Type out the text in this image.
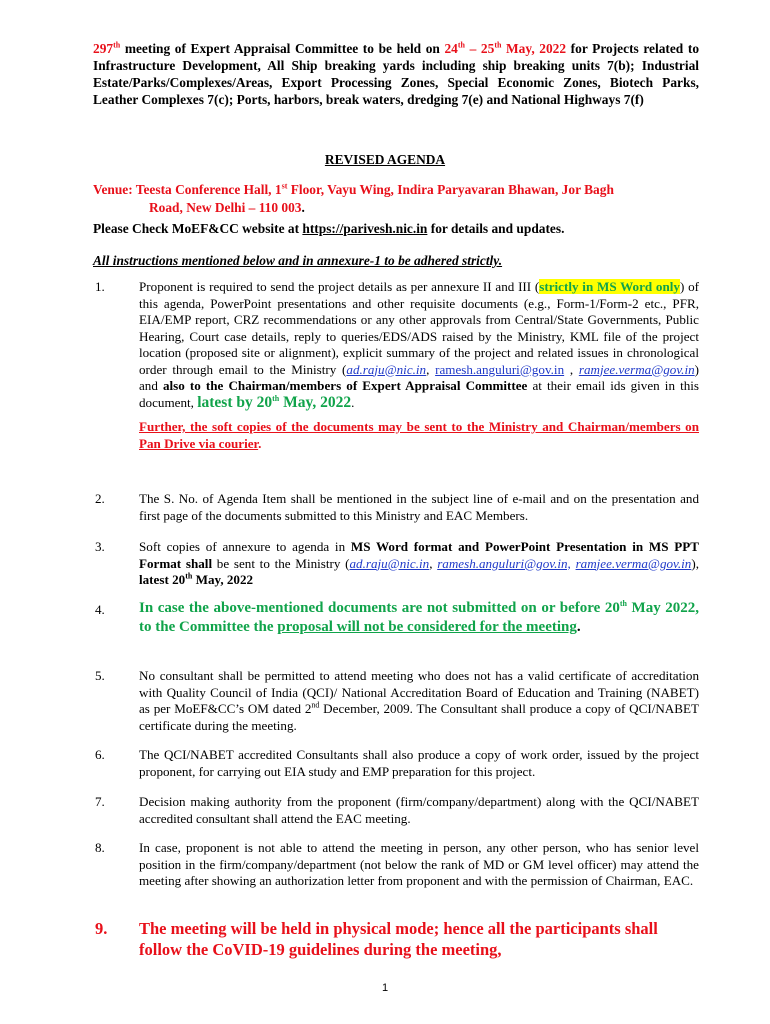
297th meeting of Expert Appraisal Committee to be held on 24th – 25th May, 2022 for Projects related to Infrastructure Development, All Ship breaking yards including ship breaking units 7(b); Industrial Estate/Parks/Complexes/Areas, Export Processing Zones, Special Economic Zones, Biotech Parks, Leather Complexes 7(c); Ports, harbors, break waters, dredging 7(e) and National Highways 7(f)
REVISED AGENDA
Venue: Teesta Conference Hall, 1st Floor, Vayu Wing, Indira Paryavaran Bhawan, Jor Bagh
Road, New Delhi – 110 003.
Please Check MoEF&CC website at https://parivesh.nic.in for details and updates.
All instructions mentioned below and in annexure-1 to be adhered strictly.
1.	Proponent is required to send the project details as per annexure II and III (strictly in MS Word only) of this agenda, PowerPoint presentations and other requisite documents (e.g., Form-1/Form-2 etc., PFR, EIA/EMP report, CRZ recommendations or any other approvals from Central/State Governments, Public Hearing, Court case details, reply to queries/EDS/ADS raised by the Ministry, KML file of the project location (proposed site or alignment), explicit summary of the project and related issues in chronological order through email to the Ministry (ad.raju@nic.in, ramesh.anguluri@gov.in , ramjee.verma@gov.in) and also to the Chairman/members of Expert Appraisal Committee at their email ids given in this document, latest by 20th May, 2022.
Further, the soft copies of the documents may be sent to the Ministry and Chairman/members on Pan Drive via courier.
2.	The S. No. of Agenda Item shall be mentioned in the subject line of e-mail and on the presentation and first page of the documents submitted to this Ministry and EAC Members.
3.	Soft copies of annexure to agenda in MS Word format and PowerPoint Presentation in MS PPT Format shall be sent to the Ministry (ad.raju@nic.in, ramesh.anguluri@gov.in, ramjee.verma@gov.in), latest 20th May, 2022
4.	In case the above-mentioned documents are not submitted on or before 20th May 2022, to the Committee the proposal will not be considered for the meeting.
5.	No consultant shall be permitted to attend meeting who does not has a valid certificate of accreditation with Quality Council of India (QCI)/ National Accreditation Board of Education and Training (NABET) as per MoEF&CC’s OM dated 2nd December, 2009. The Consultant shall produce a copy of QCI/NABET certificate during the meeting.
6.	The QCI/NABET accredited Consultants shall also produce a copy of work order, issued by the project proponent, for carrying out EIA study and EMP preparation for this project.
7.	Decision making authority from the proponent (firm/company/department) along with the QCI/NABET accredited consultant shall attend the EAC meeting.
8.	In case, proponent is not able to attend the meeting in person, any other person, who has senior level position in the firm/company/department (not below the rank of MD or GM level officer) may attend the meeting after showing an authorization letter from proponent and with the permission of Chairman, EAC.
9.	The meeting will be held in physical mode; hence all the participants shall follow the CoVID-19 guidelines during the meeting,
1
